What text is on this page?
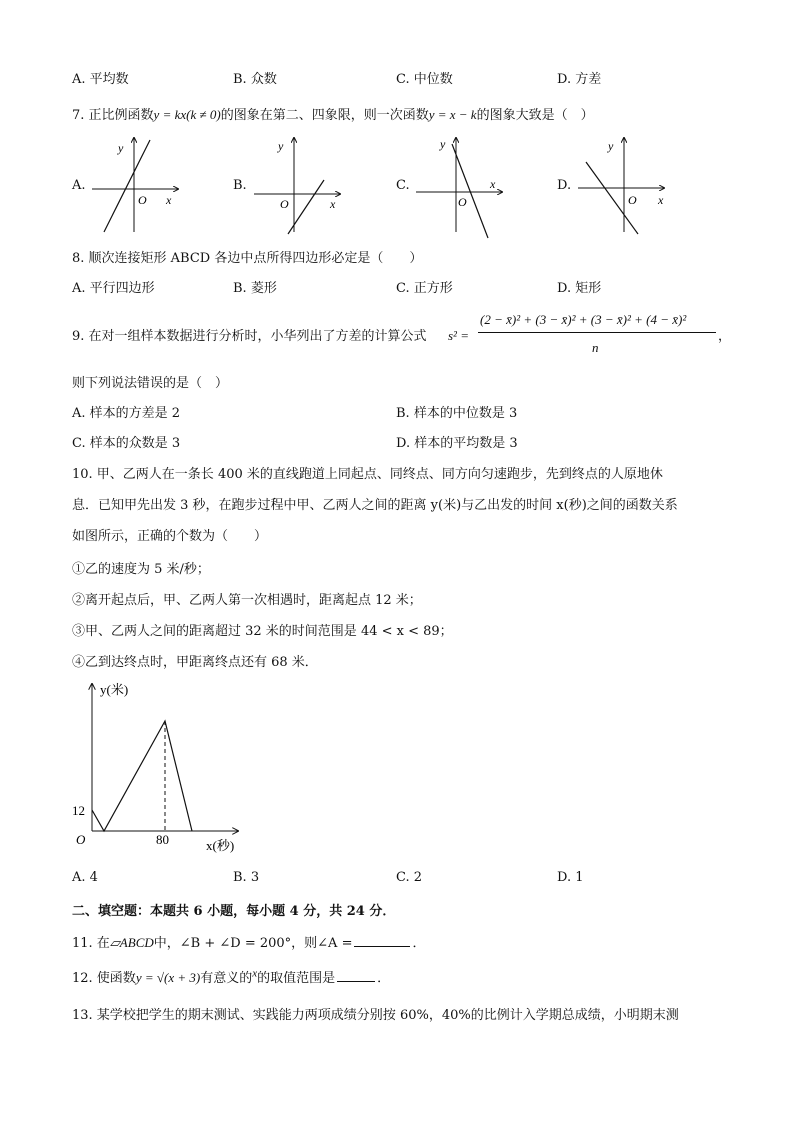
A. 平均数	B. 众数	C. 中位数	D. 方差
7. 正比例函数y = kx(k ≠ 0)的图象在第二、四象限，则一次函数y = x − k的图象大致是（　）
A.	B.	C.	D.
y
O x
y
O	x
y
O
x
y
O x
8. 顺次连接矩形 ABCD 各边中点所得四边形必定是（　　）
A. 平行四边形	B. 菱形	C. 正方形	D. 矩形
9. 在对一组样本数据进行分析时，小华列出了方差的计算公式 s² =
(2 − x̄)² + (3 − x̄)² + (3 − x̄)² + (4 − x̄)²
n
，
则下列说法错误的是（　）
A. 样本的方差是 2	B. 样本的中位数是 3
C. 样本的众数是 3	D. 样本的平均数是 3
10. 甲、乙两人在一条长 400 米的直线跑道上同起点、同终点、同方向匀速跑步，先到终点的人原地休
息．已知甲先出发 3 秒，在跑步过程中甲、乙两人之间的距离 y(米)与乙出发的时间 x(秒)之间的函数关系
如图所示，正确的个数为（　　）
①乙的速度为 5 米/秒；
②离开起点后，甲、乙两人第一次相遇时，距离起点 12 米；
③甲、乙两人之间的距离超过 32 米的时间范围是 44 < x < 89；
④乙到达终点时，甲距离终点还有 68 米．
y(米)
12
O	80	x(秒)
A. 4	B. 3	C. 2	D. 1
二、填空题：本题共 6 小题，每小题 4 分，共 24 分．
11. 在▱ABCD中，∠B + ∠D = 200°，则∠A =	．
12. 使函数y = √(x + 3)有意义的$^x$的取值范围是	．
13. 某学校把学生的期末测试、实践能力两项成绩分别按 60%，40%的比例计入学期总成绩，小明期末测
